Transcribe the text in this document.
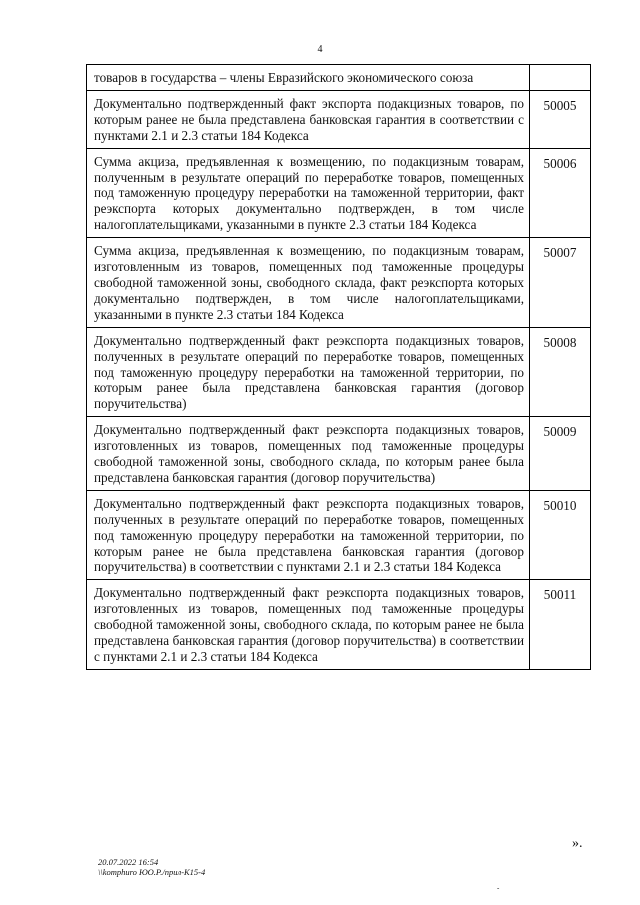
4
товаров в государства – члены Евразийского экономического союза	
Документально подтвержденный факт экспорта подакцизных товаров, по которым ранее не была представлена банковская гарантия в соответствии с пунктами 2.1 и 2.3 статьи 184 Кодекса	50005
Сумма акциза, предъявленная к возмещению, по подакцизным товарам, полученным в результате операций по переработке товаров, помещенных под таможенную процедуру переработки на таможенной территории, факт реэкспорта которых документально подтвержден, в том числе налогоплательщиками, указанными в пункте 2.3 статьи 184 Кодекса	50006
Сумма акциза, предъявленная к возмещению, по подакцизным товарам, изготовленным из товаров, помещенных под таможенные процедуры свободной таможенной зоны, свободного склада, факт реэкспорта которых документально подтвержден, в том числе налогоплательщиками, указанными в пункте 2.3 статьи 184 Кодекса	50007
Документально подтвержденный факт реэкспорта подакцизных товаров, полученных в результате операций по переработке товаров, помещенных под таможенную процедуру переработки на таможенной территории, по которым ранее была представлена банковская гарантия (договор поручительства)	50008
Документально подтвержденный факт реэкспорта подакцизных товаров, изготовленных из товаров, помещенных под таможенные процедуры свободной таможенной зоны, свободного склада, по которым ранее была представлена банковская гарантия (договор поручительства)	50009
Документально подтвержденный факт реэкспорта подакцизных товаров, полученных в результате операций по переработке товаров, помещенных под таможенную процедуру переработки на таможенной территории, по которым ранее не была представлена банковская гарантия (договор поручительства) в соответствии с пунктами 2.1 и 2.3 статьи 184 Кодекса	50010
Документально подтвержденный факт реэкспорта подакцизных товаров, изготовленных из товаров, помещенных под таможенные процедуры свободной таможенной зоны, свободного склада, по которым ранее не была представлена банковская гарантия (договор поручительства) в соответствии с пунктами 2.1 и 2.3 статьи 184 Кодекса	50011
».
20.07.2022 16:54
\\komphuro ЮО.Р./прил-К15-4
-
